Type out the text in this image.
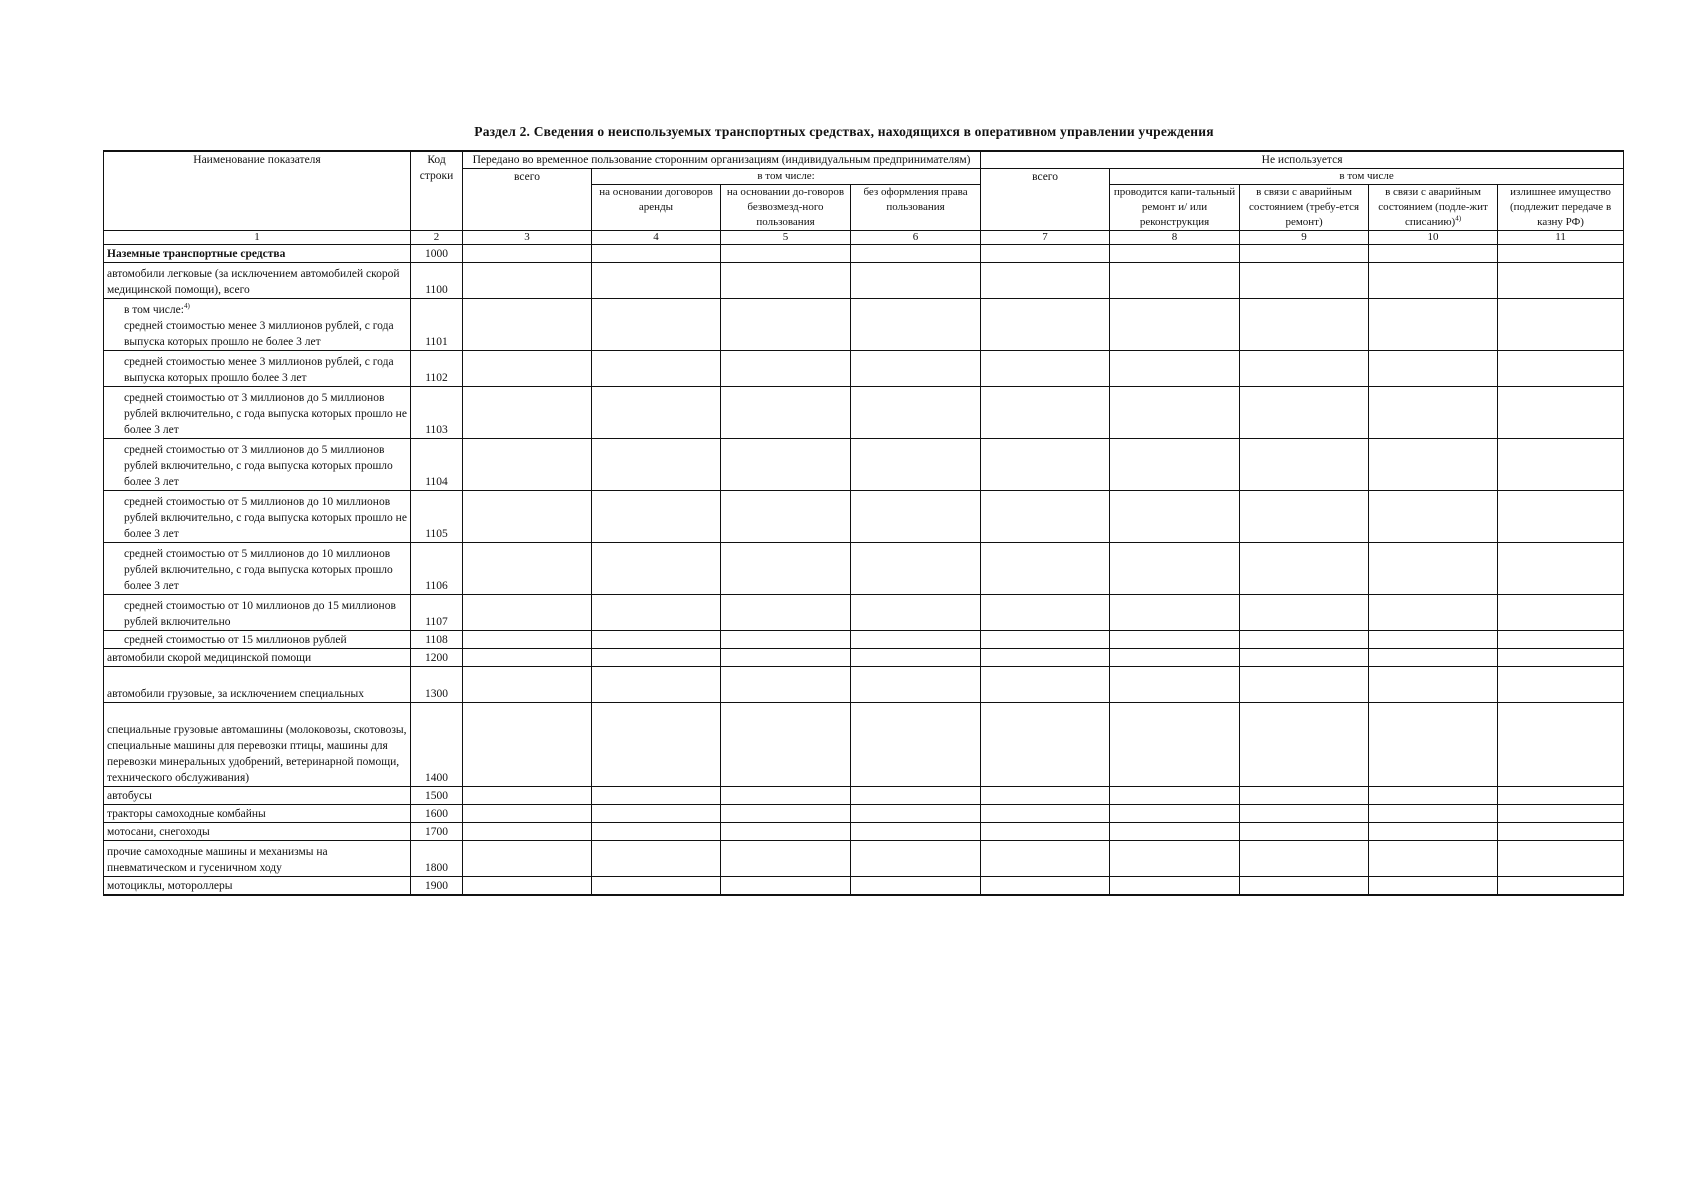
Раздел 2. Сведения о неиспользуемых транспортных средствах, находящихся в оперативном управлении учреждения
Наименование показателя	Код строки	Передано во временное пользование сторонним организациям (индивидуальным предпринимателям)				Не используется				
		всего	в том числе:			всего	в том числе			
			на основании договоров аренды	на основании до-говоров безвозмезд-ного пользования	без оформления права пользования		проводится капи-тальный ремонт и/ или реконструкция	в связи с аварийным состоянием (требу-ется ремонт)	в связи с аварийным состоянием (подле-жит списанию)$^{4)}$	излишнее имущество (подлежит передаче в казну РФ)
1	2	3	4	5	6	7	8	9	10	11
Наземные транспортные средства	1000									
автомобили легковые (за исключением автомобилей скорой медицинской помощи), всего	1100									
в том числе:$^{4)}$
средней стоимостью менее 3 миллионов рублей, с года выпуска которых прошло не более 3 лет	1101									
средней стоимостью менее 3 миллионов рублей, с года выпуска которых прошло более 3 лет	1102									
средней стоимостью от 3 миллионов до 5 миллионов рублей включительно, с года выпуска которых прошло не более 3 лет	1103									
средней стоимостью от 3 миллионов до 5 миллионов рублей включительно, с года выпуска которых прошло более 3 лет	1104									
средней стоимостью от 5 миллионов до 10 миллионов рублей включительно, с года выпуска которых прошло не более 3 лет	1105									
средней стоимостью от 5 миллионов до 10 миллионов рублей включительно, с года выпуска которых прошло более 3 лет	1106									
средней стоимостью от 10 миллионов до 15 миллионов рублей включительно	1107									
средней стоимостью от 15 миллионов рублей	1108									
автомобили скорой медицинской помощи	1200									
автомобили грузовые, за исключением специальных	1300									
специальные грузовые автомашины (молоковозы, скотовозы, специальные машины для перевозки птицы, машины для перевозки минеральных удобрений, ветеринарной помощи, технического обслуживания)	1400									
автобусы	1500									
тракторы самоходные комбайны	1600									
мотосани, снегоходы	1700									
прочие самоходные машины и механизмы на пневматическом и гусеничном ходу	1800									
мотоциклы, мотороллеры	1900									
